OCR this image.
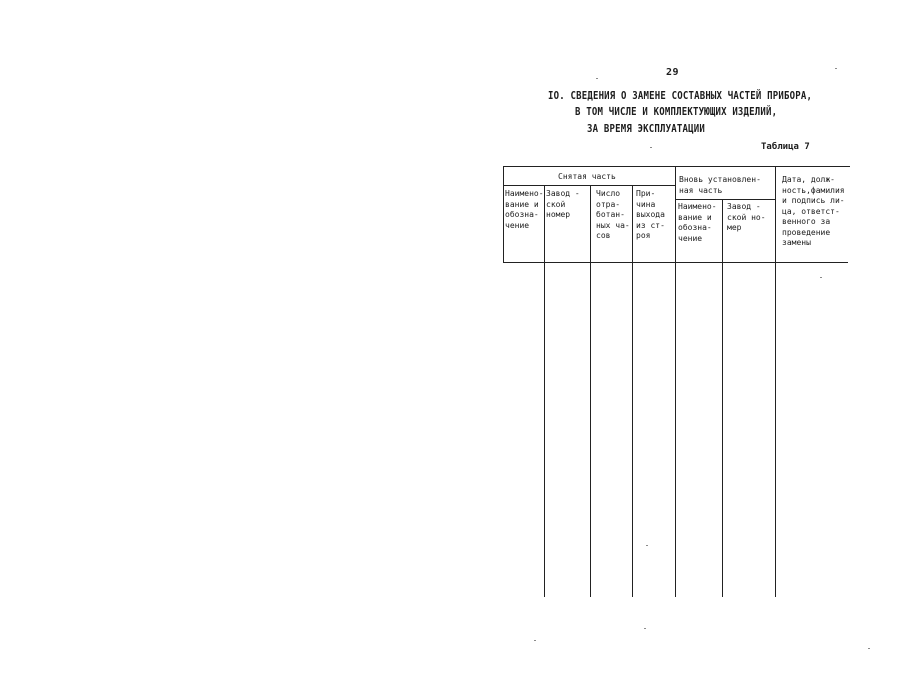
29
IO. СВЕДЕНИЯ О ЗАМЕНЕ СОСТАВНЫХ ЧАСТЕЙ ПРИБОРА,
В ТОМ ЧИСЛЕ И КОМПЛЕКТУЮЩИХ ИЗДЕЛИЙ,
ЗА ВРЕМЯ ЭКСПЛУАТАЦИИ
Таблица 7
Снятая часть	Вновь установлен-
ная часть
Дата, долж-
ность,фамилия
и подпись ли-
ца, ответст-
венного за
проведение
замены
Наимено-
вание и
обозна-
чение
Завод -
ской
номер
Число
отра-
ботан-
ных ча-
сов
При-
чина
выхода
из ст-
роя
Наимено-
вание и
обозна-
чение
Завод -
ской но-
мер
